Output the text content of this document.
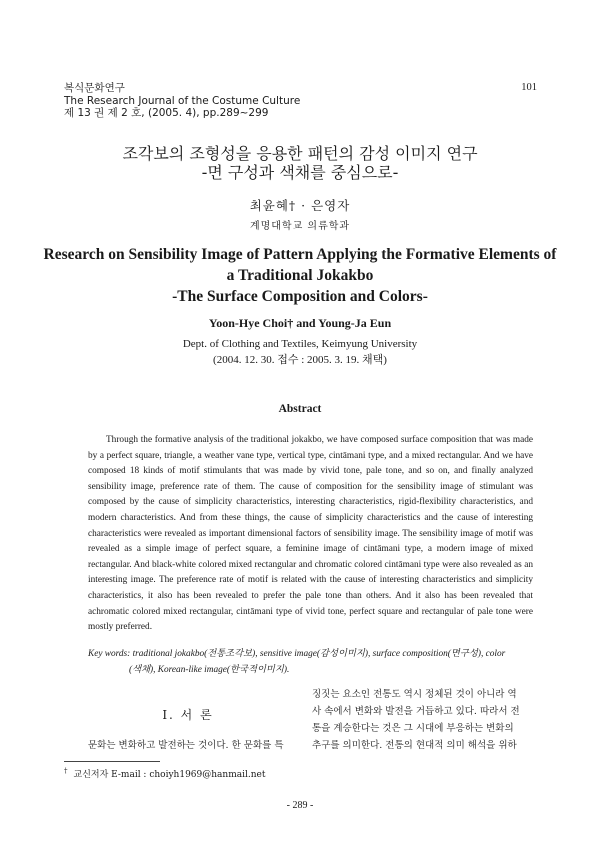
복식문화연구
The Research Journal of the Costume Culture
제 13 권 제 2 호, (2005. 4), pp.289~299
101
조각보의 조형성을 응용한 패턴의 감성 이미지 연구
-면 구성과 색채를 중심으로-
최윤혜† · 은영자
계명대학교 의류학과
Research on Sensibility Image of Pattern Applying the Formative Elements of
a Traditional Jokakbo
-The Surface Composition and Colors-
Yoon-Hye Choi† and Young-Ja Eun
Dept. of Clothing and Textiles, Keimyung University
(2004. 12. 30. 접수 : 2005. 3. 19. 채택)
Abstract

Through the formative analysis of the traditional jokakbo, we have composed surface composition that was made by a perfect square, triangle, a weather vane type, vertical type, cintāmani type, and a mixed rectangular. And we have composed 18 kinds of motif stimulants that was made by vivid tone, pale tone, and so on, and finally analyzed sensibility image, preference rate of them. The cause of composition for the sensibility image of stimulant was composed by the cause of simplicity characteristics, interesting characteristics, rigid-flexibility characteristics, and modern characteristics. And from these things, the cause of simplicity characteristics and the cause of interesting characteristics were revealed as important dimensional factors of sensibility image. The sensibility image of motif was revealed as a simple image of perfect square, a feminine image of cintāmani type, a modern image of mixed rectangular. And black-white colored mixed rectangular and chromatic colored cintāmani type were also revealed as an interesting image. The preference rate of motif is related with the cause of interesting characteristics and simplicity characteristics, it also has been revealed to prefer the pale tone than others. And it also has been revealed that achromatic colored mixed rectangular, cintāmani type of vivid tone, perfect square and rectangular of pale tone were mostly preferred.

Key words: traditional jokakbo(전통조각보), sensitive image(감성이미지), surface composition(면구성), color
(색채), Korean-like image(한국적이미지).
Ⅰ. 서 론
문화는 변화하고 발전하는 것이다. 한 문화를 특
징짓는 요소인 전통도 역시 정체된 것이 아니라 역
사 속에서 변화와 발전을 거듭하고 있다. 따라서 전
통을 계승한다는 것은 그 시대에 부응하는 변화의
추구를 의미한다. 전통의 현대적 의미 해석을 위하
† 교신저자 E-mail : choiyh1969@hanmail.net
- 289 -
